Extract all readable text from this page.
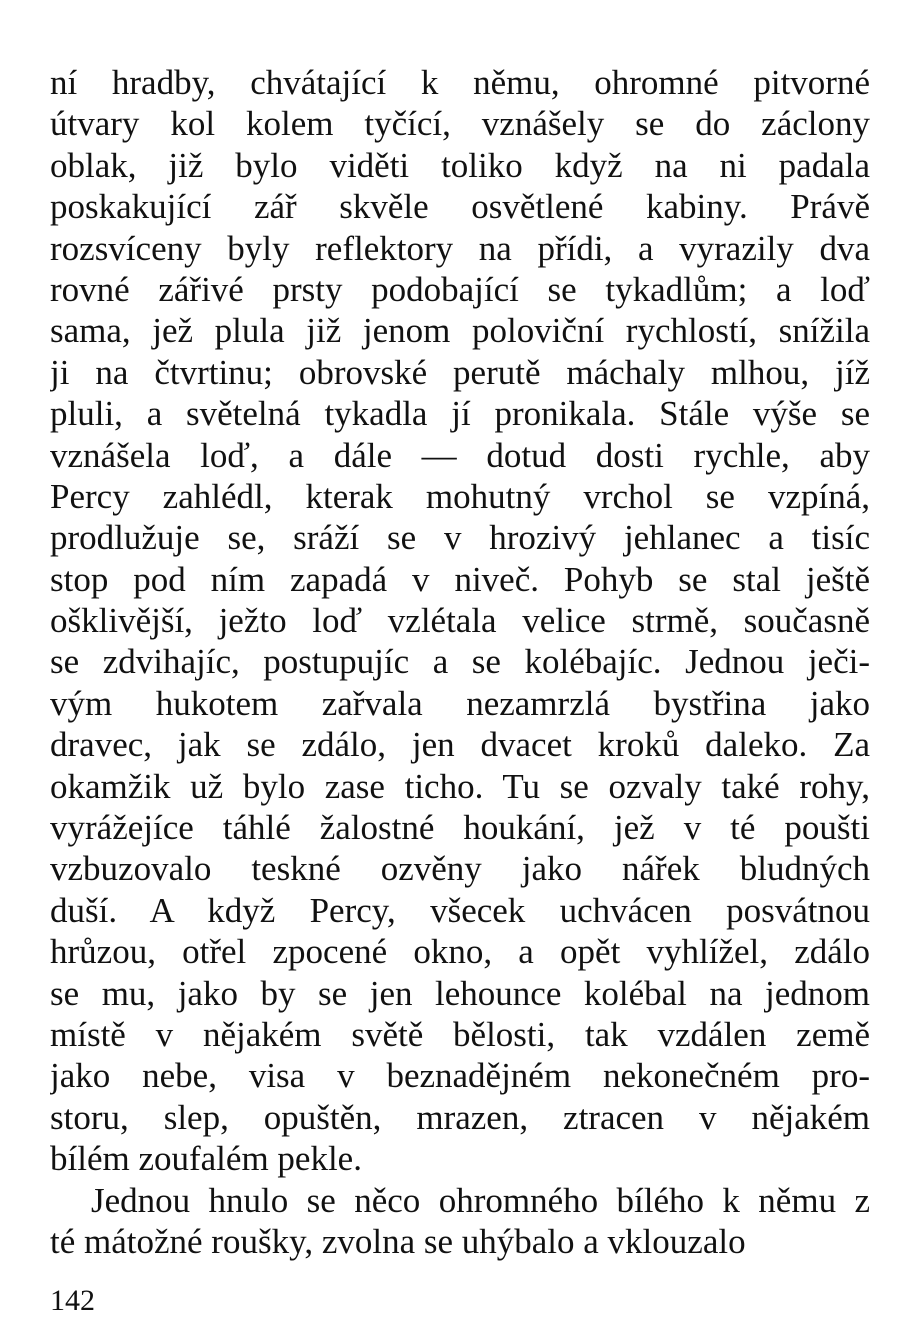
ní hradby, chvátající k němu, ohromné pitvorné
útvary kol kolem tyčící, vznášely se do záclony
oblak, již bylo viděti toliko když na ni padala
poskakující zář skvěle osvětlené kabiny. Právě
rozsvíceny byly reflektory na přídi, a vyrazily dva
rovné zářivé prsty podobající se tykadlům; a loď
sama, jež plula již jenom poloviční rychlostí, snížila
ji na čtvrtinu; obrovské perutě máchaly mlhou, jíž
pluli, a světelná tykadla jí pronikala. Stále výše se
vznášela loď, a dále — dotud dosti rychle, aby
Percy zahlédl, kterak mohutný vrchol se vzpíná,
prodlužuje se, sráží se v hrozivý jehlanec a tisíc
stop pod ním zapadá v niveč. Pohyb se stal ještě
ošklivější, ježto loď vzlétala velice strmě, současně
se zdvihajíc, postupujíc a se kolébajíc. Jednou ječi-
vým hukotem zařvala nezamrzlá bystřina jako
dravec, jak se zdálo, jen dvacet kroků daleko. Za
okamžik už bylo zase ticho. Tu se ozvaly také rohy,
vyrážejíce táhlé žalostné houkání, jež v té poušti
vzbuzovalo teskné ozvěny jako nářek bludných
duší. A když Percy, všecek uchvácen posvátnou
hrůzou, otřel zpocené okno, a opět vyhlížel, zdálo
se mu, jako by se jen lehounce kolébal na jednom
místě v nějakém světě bělosti, tak vzdálen země
jako nebe, visa v beznadějném nekonečném pro-
storu, slep, opuštěn, mrazen, ztracen v nějakém
bílém zoufalém pekle.
Jednou hnulo se něco ohromného bílého k němu z
té mátožné roušky, zvolna se uhýbalo a vklouzalo
142
